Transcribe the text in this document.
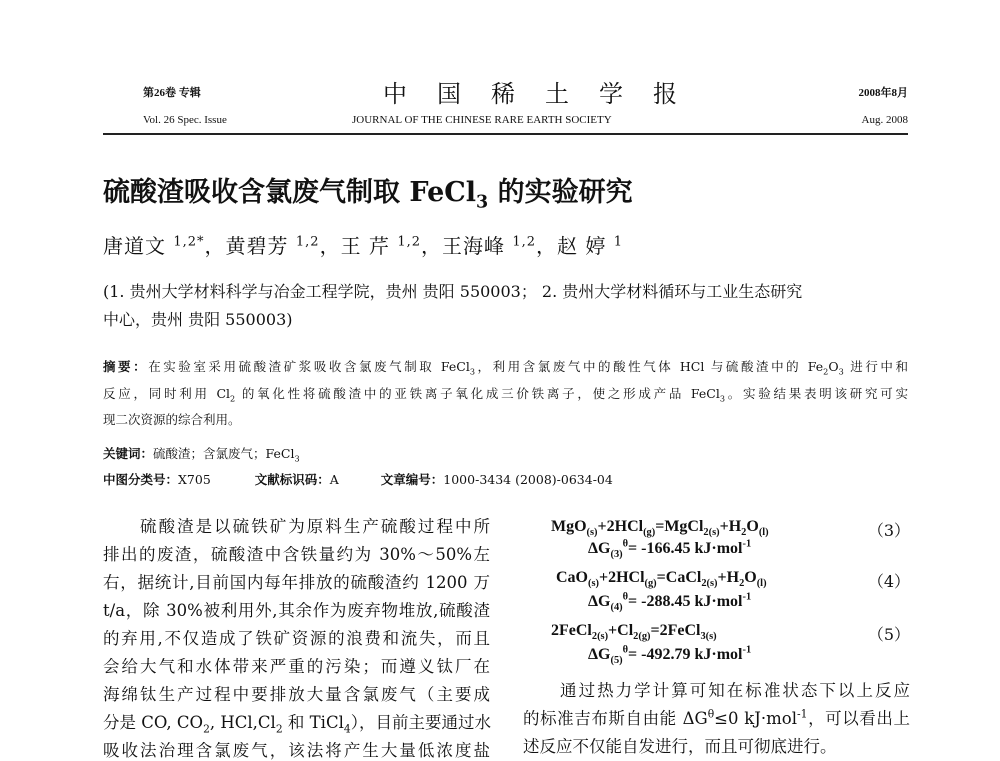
第26卷 专辑	中国稀土学报	2008年8月
Vol. 26 Spec. Issue	JOURNAL OF THE CHINESE RARE EARTH SOCIETY	Aug. 2008
硫酸渣吸收含氯废气制取 FeCl$_3$ 的实验研究
唐道文 $^{1,2*}$，黄碧芳 $^{1,2}$，王 芹 $^{1,2}$，王海峰 $^{1,2}$，赵 婷 $^1$
(1. 贵州大学材料科学与冶金工程学院，贵州 贵阳 550003； 2. 贵州大学材料循环与工业生态研究
中心，贵州 贵阳 550003)
摘要：在实验室采用硫酸渣矿浆吸收含氯废气制取 FeCl$_3$，利用含氯废气中的酸性气体 HCl 与硫酸渣中的 $Fe_2O_3$ 进行中和
反应，同时利用 $Cl_2$ 的氧化性将硫酸渣中的亚铁离子氧化成三价铁离子，使之形成产品 FeCl$_3$。实验结果表明该研究可实
现二次资源的综合利用。
关键词：硫酸渣；含氯废气；FeCl$_3$
中图分类号：X705	文献标识码：A	文章编号：1000-3434 (2008)-0634-04
　　硫酸渣是以硫铁矿为原料生产硫酸过程中所
排出的废渣，硫酸渣中含铁量约为 30%～50%左
右，据统计,目前国内每年排放的硫酸渣约 1200 万
t/a，除 30%被利用外,其余作为废弃物堆放,硫酸渣
的弃用,不仅造成了铁矿资源的浪费和流失，而且
会给大气和水体带来严重的污染；而遵义钛厂在
海绵钛生产过程中要排放大量含氯废气（主要成
分是 CO, $CO_2$, $HCl,Cl_2$ 和 TiCl$_4$），目前主要通过水
吸收法治理含氯废气，该法将产生大量低浓度盐
$MgO_{(s)}+2HCl_{(g)}=MgCl_{2(s)}+H_2O_{(l)}$	（3）
$\Delta G_{(3)}^\theta= -166.45$ kJ·mol$^{-1}$
$CaO_{(s)}+2HCl_{(g)}=CaCl_{2(s)}+H_2O_{(l)}$	（4）
$\Delta G_{(4)}^\theta= -288.45$ kJ·mol$^{-1}$
$2FeCl_{2(s)}+Cl_{2(g)}=2FeCl_{3(s)}$	（5）
$\Delta G_{(5)}^\theta= -492.79$ kJ·mol$^{-1}$
　　通过热力学计算可知在标准状态下以上反应
的标准吉布斯自由能 $\Delta G^\theta\le 0$ kJ·mol$^{-1}$，可以看出上
述反应不仅能自发进行，而且可彻底进行。
